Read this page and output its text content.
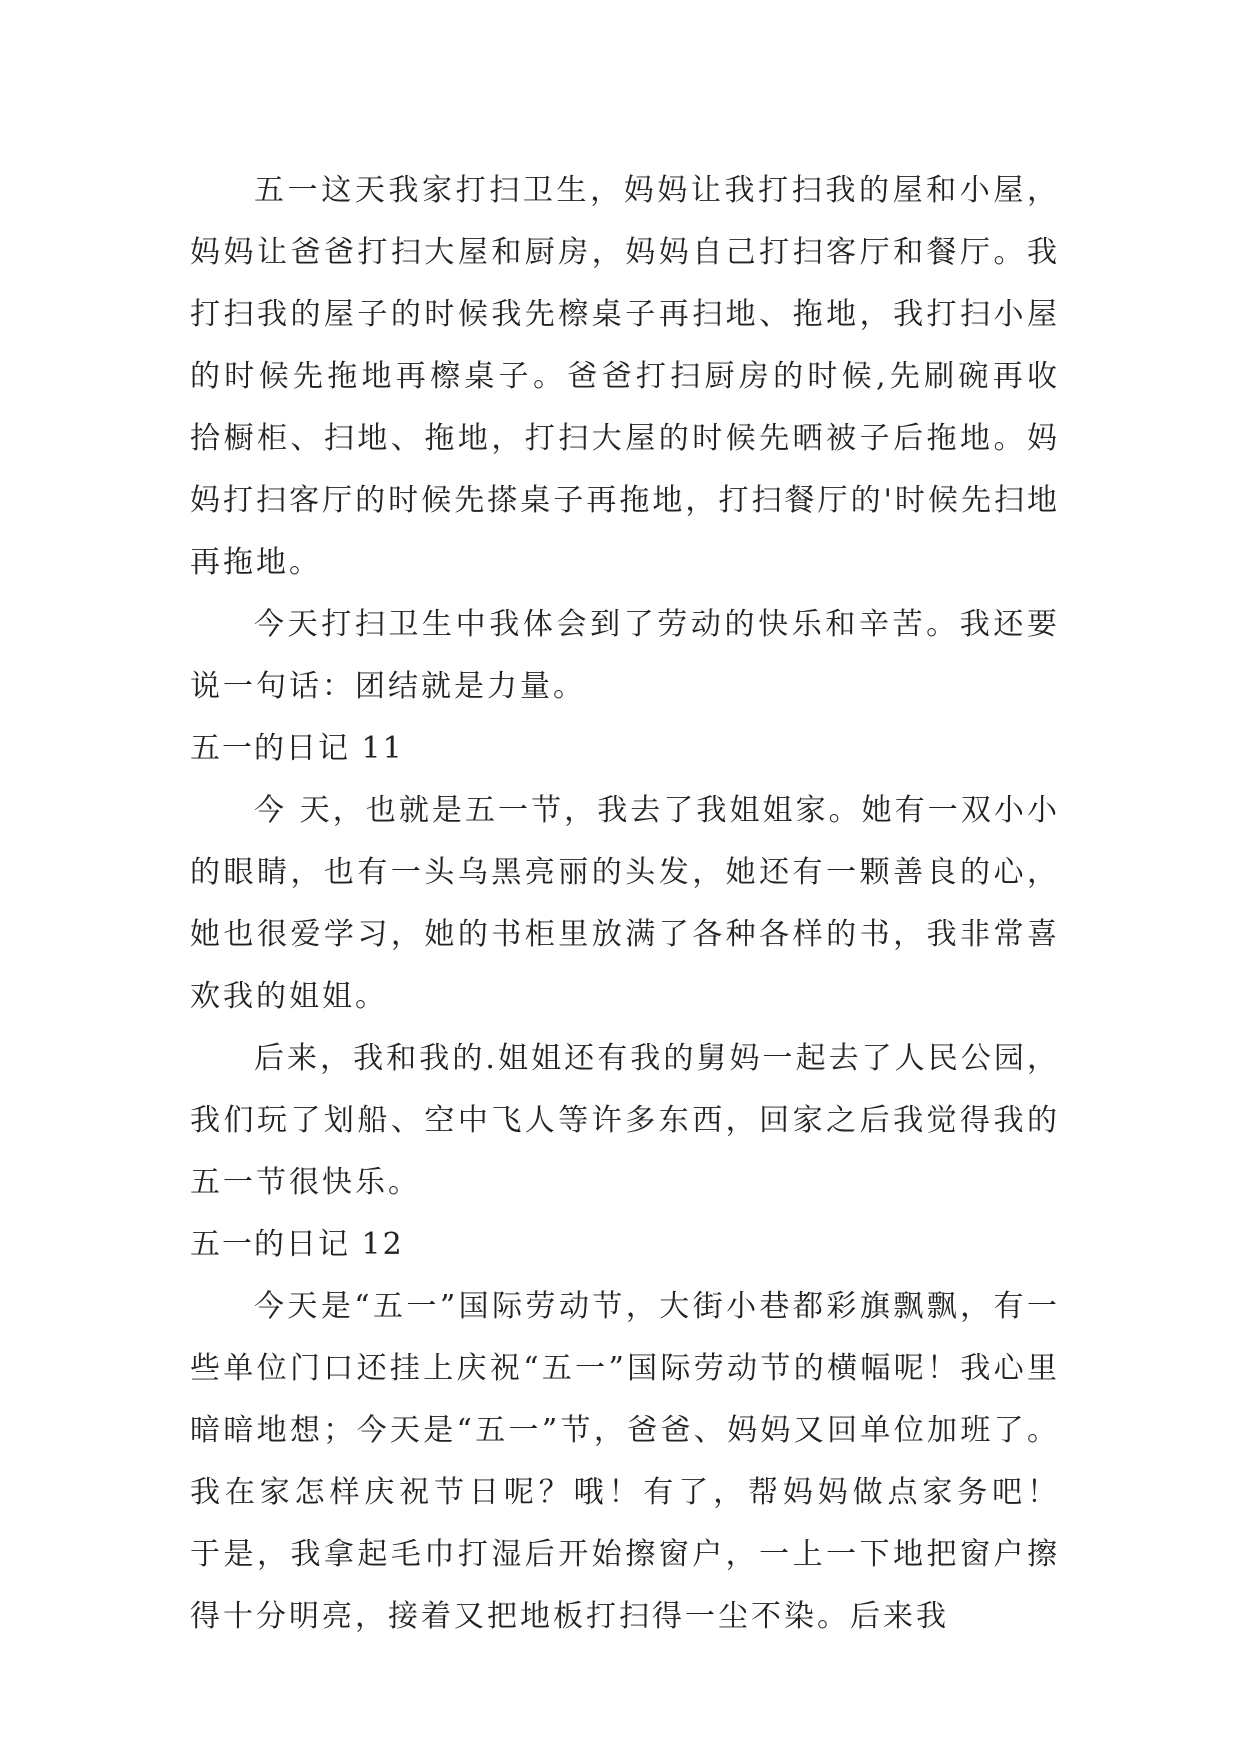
五一这天我家打扫卫生，妈妈让我打扫我的屋和小屋，妈妈让爸爸打扫大屋和厨房，妈妈自己打扫客厅和餐厅。我打扫我的屋子的时候我先檫桌子再扫地、拖地，我打扫小屋的时候先拖地再檫桌子。爸爸打扫厨房的时候,先刷碗再收拾橱柜、扫地、拖地，打扫大屋的时候先晒被子后拖地。妈妈打扫客厅的时候先搽桌子再拖地，打扫餐厅的'时候先扫地再拖地。

今天打扫卫生中我体会到了劳动的快乐和辛苦。我还要说一句话：团结就是力量。

五一的日记 11

今 天，也就是五一节，我去了我姐姐家。她有一双小小的眼睛，也有一头乌黑亮丽的头发，她还有一颗善良的心，她也很爱学习，她的书柜里放满了各种各样的书，我非常喜欢我的姐姐。

后来，我和我的.姐姐还有我的舅妈一起去了人民公园，我们玩了划船、空中飞人等许多东西，回家之后我觉得我的五一节很快乐。

五一的日记 12

今天是“五一”国际劳动节，大街小巷都彩旗飘飘，有一些单位门口还挂上庆祝“五一”国际劳动节的横幅呢！我心里暗暗地想；今天是“五一”节，爸爸、妈妈又回单位加班了。我在家怎样庆祝节日呢？哦！有了，帮妈妈做点家务吧！ 于是，我拿起毛巾打湿后开始擦窗户，一上一下地把窗户擦得十分明亮，接着又把地板打扫得一尘不染。后来我
